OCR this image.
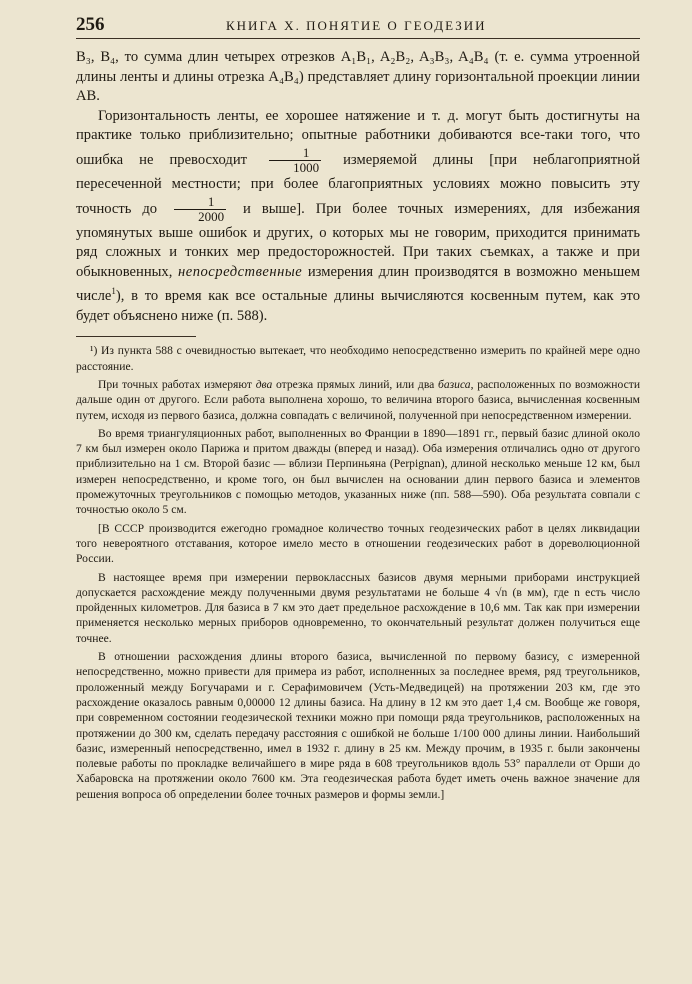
256	КНИГА X. ПОНЯТИЕ О ГЕОДЕЗИИ

B₃, B₄, то сумма длин четырех отрезков A₁B₁, A₂B₂, A₃B₃, A₄B₄ (т. е. сумма утроенной длины ленты и длины отрезка A₄B₄) представляет длину горизонтальной проекции линии AB.

Горизонтальность ленты, ее хорошее натяжение и т. д. могут быть достигнуты на практике только приблизительно; опытные работники добиваются все-таки того, что ошибка не превосходит $\frac{1}{1000}$ измеряемой длины [при неблагоприятной пересеченной местности; при более благоприятных условиях можно повысить эту точность до $\frac{1}{2000}$ и выше]. При более точных измерениях, для избежания упомянутых выше ошибок и других, о которых мы не говорим, приходится принимать ряд сложных и тонких мер предосторожностей. При таких съемках, а также и при обыкновенных, непосредственные измерения длин производятся в возможно меньшем числе$^1$), в то время как все остальные длины вычисляются косвенным путем, как это будет объяснено ниже (п. 588).

¹) Из пункта 588 с очевидностью вытекает, что необходимо непосредственно измерить по крайней мере одно расстояние.

При точных работах измеряют два отрезка прямых линий, или два базиса, расположенных по возможности дальше один от другого. Если работа выполнена хорошо, то величина второго базиса, вычисленная косвенным путем, исходя из первого базиса, должна совпадать с величиной, полученной при непосредственном измерении.

Во время триангуляционных работ, выполненных во Франции в 1890—1891 гг., первый базис длиной около 7 км был измерен около Парижа и притом дважды (вперед и назад). Оба измерения отличались одно от другого приблизительно на 1 см. Второй базис — вблизи Перпиньяна (Perpignan), длиной несколько меньше 12 км, был измерен непосредственно, и кроме того, он был вычислен на основании длин первого базиса и элементов промежуточных треугольников с помощью методов, указанных ниже (пп. 588—590). Оба результата совпали с точностью около 5 см.

[В СССР производится ежегодно громадное количество точных геодезических работ в целях ликвидации того невероятного отставания, которое имело место в отношении геодезических работ в дореволюционной России.

В настоящее время при измерении первоклассных базисов двумя мерными приборами инструкцией допускается расхождение между полученными двумя результатами не больше 4 √n (в мм), где n есть число пройденных километров. Для базиса в 7 км это дает предельное расхождение в 10,6 мм. Так как при измерении применяется несколько мерных приборов одновременно, то окончательный результат должен получиться еще точнее.

В отношении расхождения длины второго базиса, вычисленной по первому базису, с измеренной непосредственно, можно привести для примера из работ, исполненных за последнее время, ряд треугольников, проложенный между Богучарами и г. Серафимовичем (Усть-Медведицей) на протяжении 203 км, где это расхождение оказалось равным 0,00000 12 длины базиса. На длину в 12 км это дает 1,4 см. Вообще же говоря, при современном состоянии геодезической техники можно при помощи ряда треугольников, расположенных на протяжении до 300 км, сделать передачу расстояния с ошибкой не больше 1/100 000 длины линии. Наибольший базис, измеренный непосредственно, имел в 1932 г. длину в 25 км. Между прочим, в 1935 г. были закончены полевые работы по прокладке величайшего в мире ряда в 608 треугольников вдоль 53° параллели от Орши до Хабаровска на протяжении около 7600 км. Эта геодезическая работа будет иметь очень важное значение для решения вопроса об определении более точных размеров и формы земли.]
